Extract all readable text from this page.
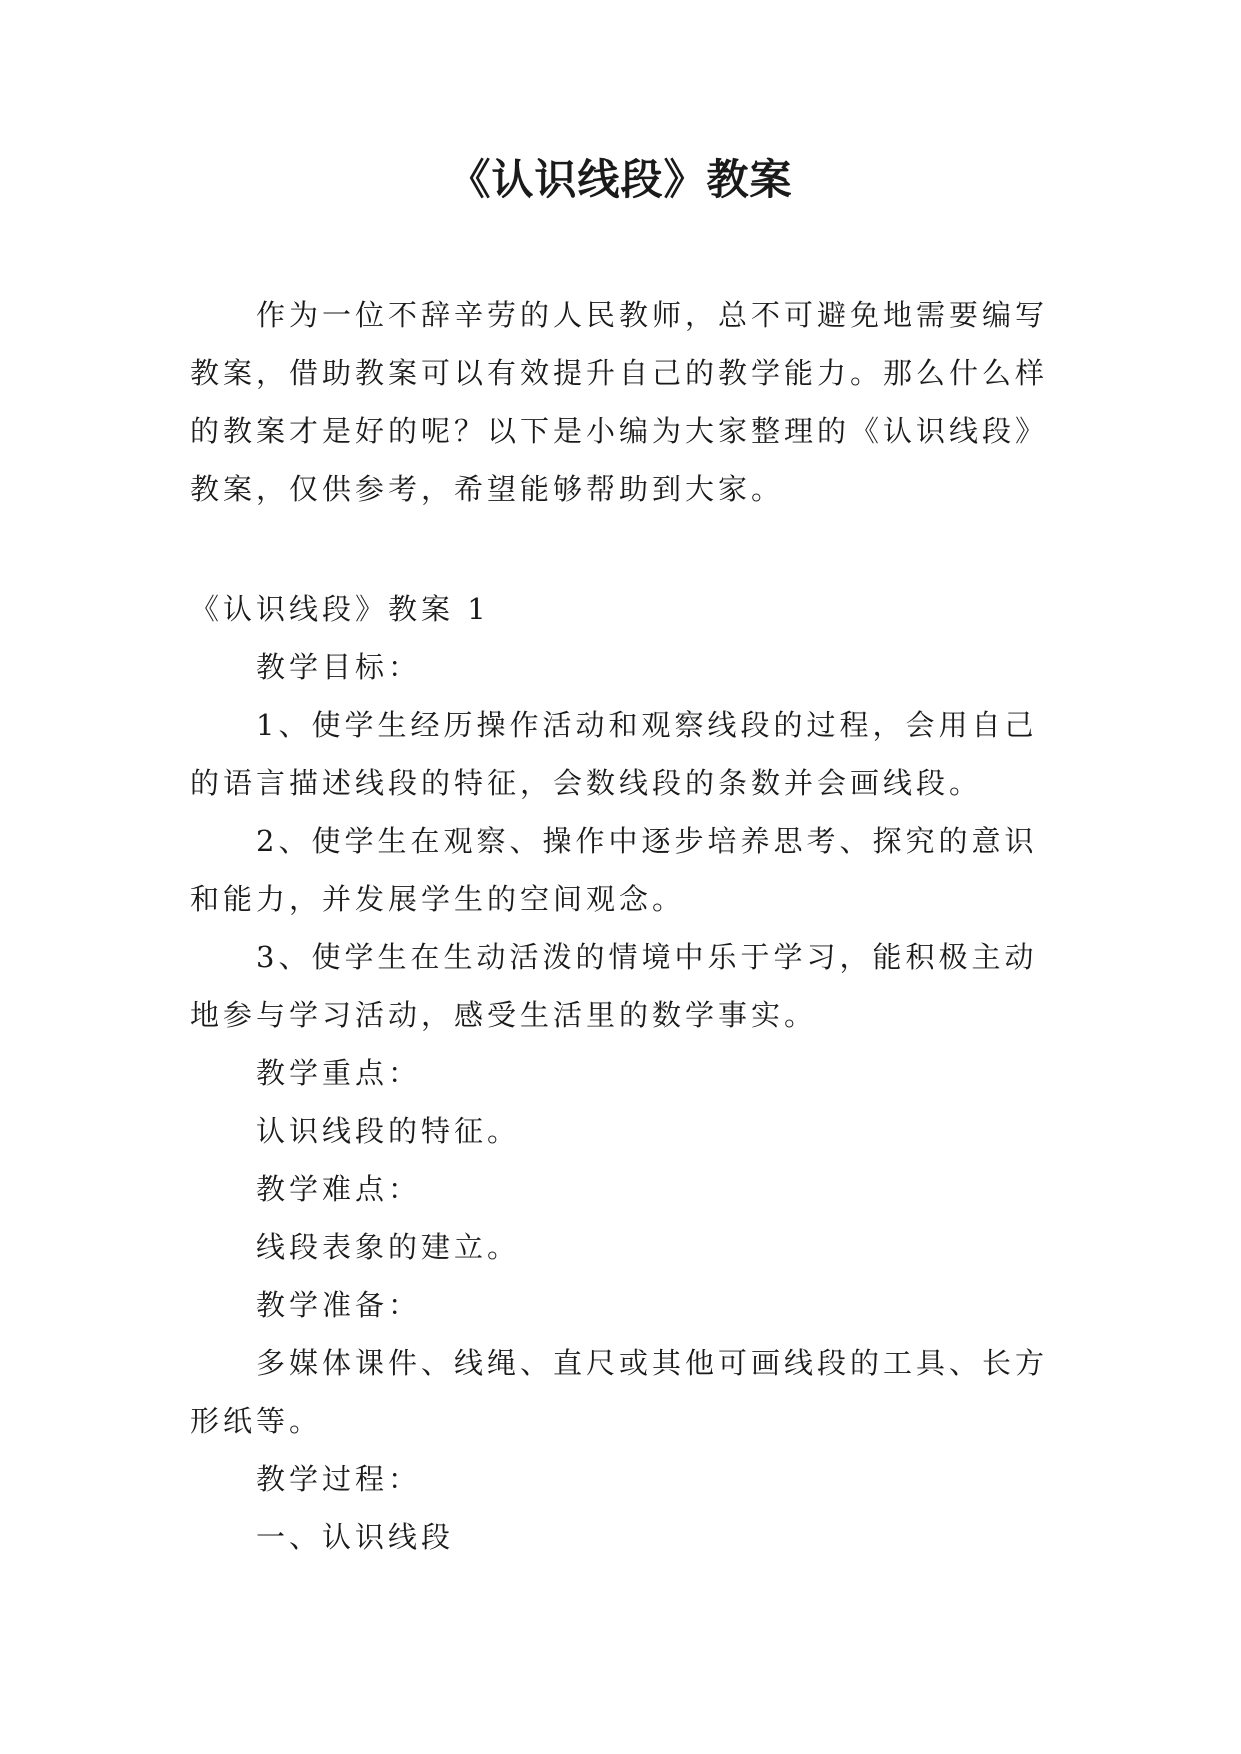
《认识线段》教案

作为一位不辞辛劳的人民教师，总不可避免地需要编写教案，借助教案可以有效提升自己的教学能力。那么什么样的教案才是好的呢？以下是小编为大家整理的《认识线段》教案，仅供参考，希望能够帮助到大家。

《认识线段》教案 1

教学目标：

1、使学生经历操作活动和观察线段的过程，会用自己的语言描述线段的特征，会数线段的条数并会画线段。

2、使学生在观察、操作中逐步培养思考、探究的意识和能力，并发展学生的空间观念。

3、使学生在生动活泼的情境中乐于学习，能积极主动地参与学习活动，感受生活里的数学事实。

教学重点：

认识线段的特征。

教学难点：

线段表象的建立。

教学准备：

多媒体课件、线绳、直尺或其他可画线段的工具、长方形纸等。

教学过程：

一、认识线段
